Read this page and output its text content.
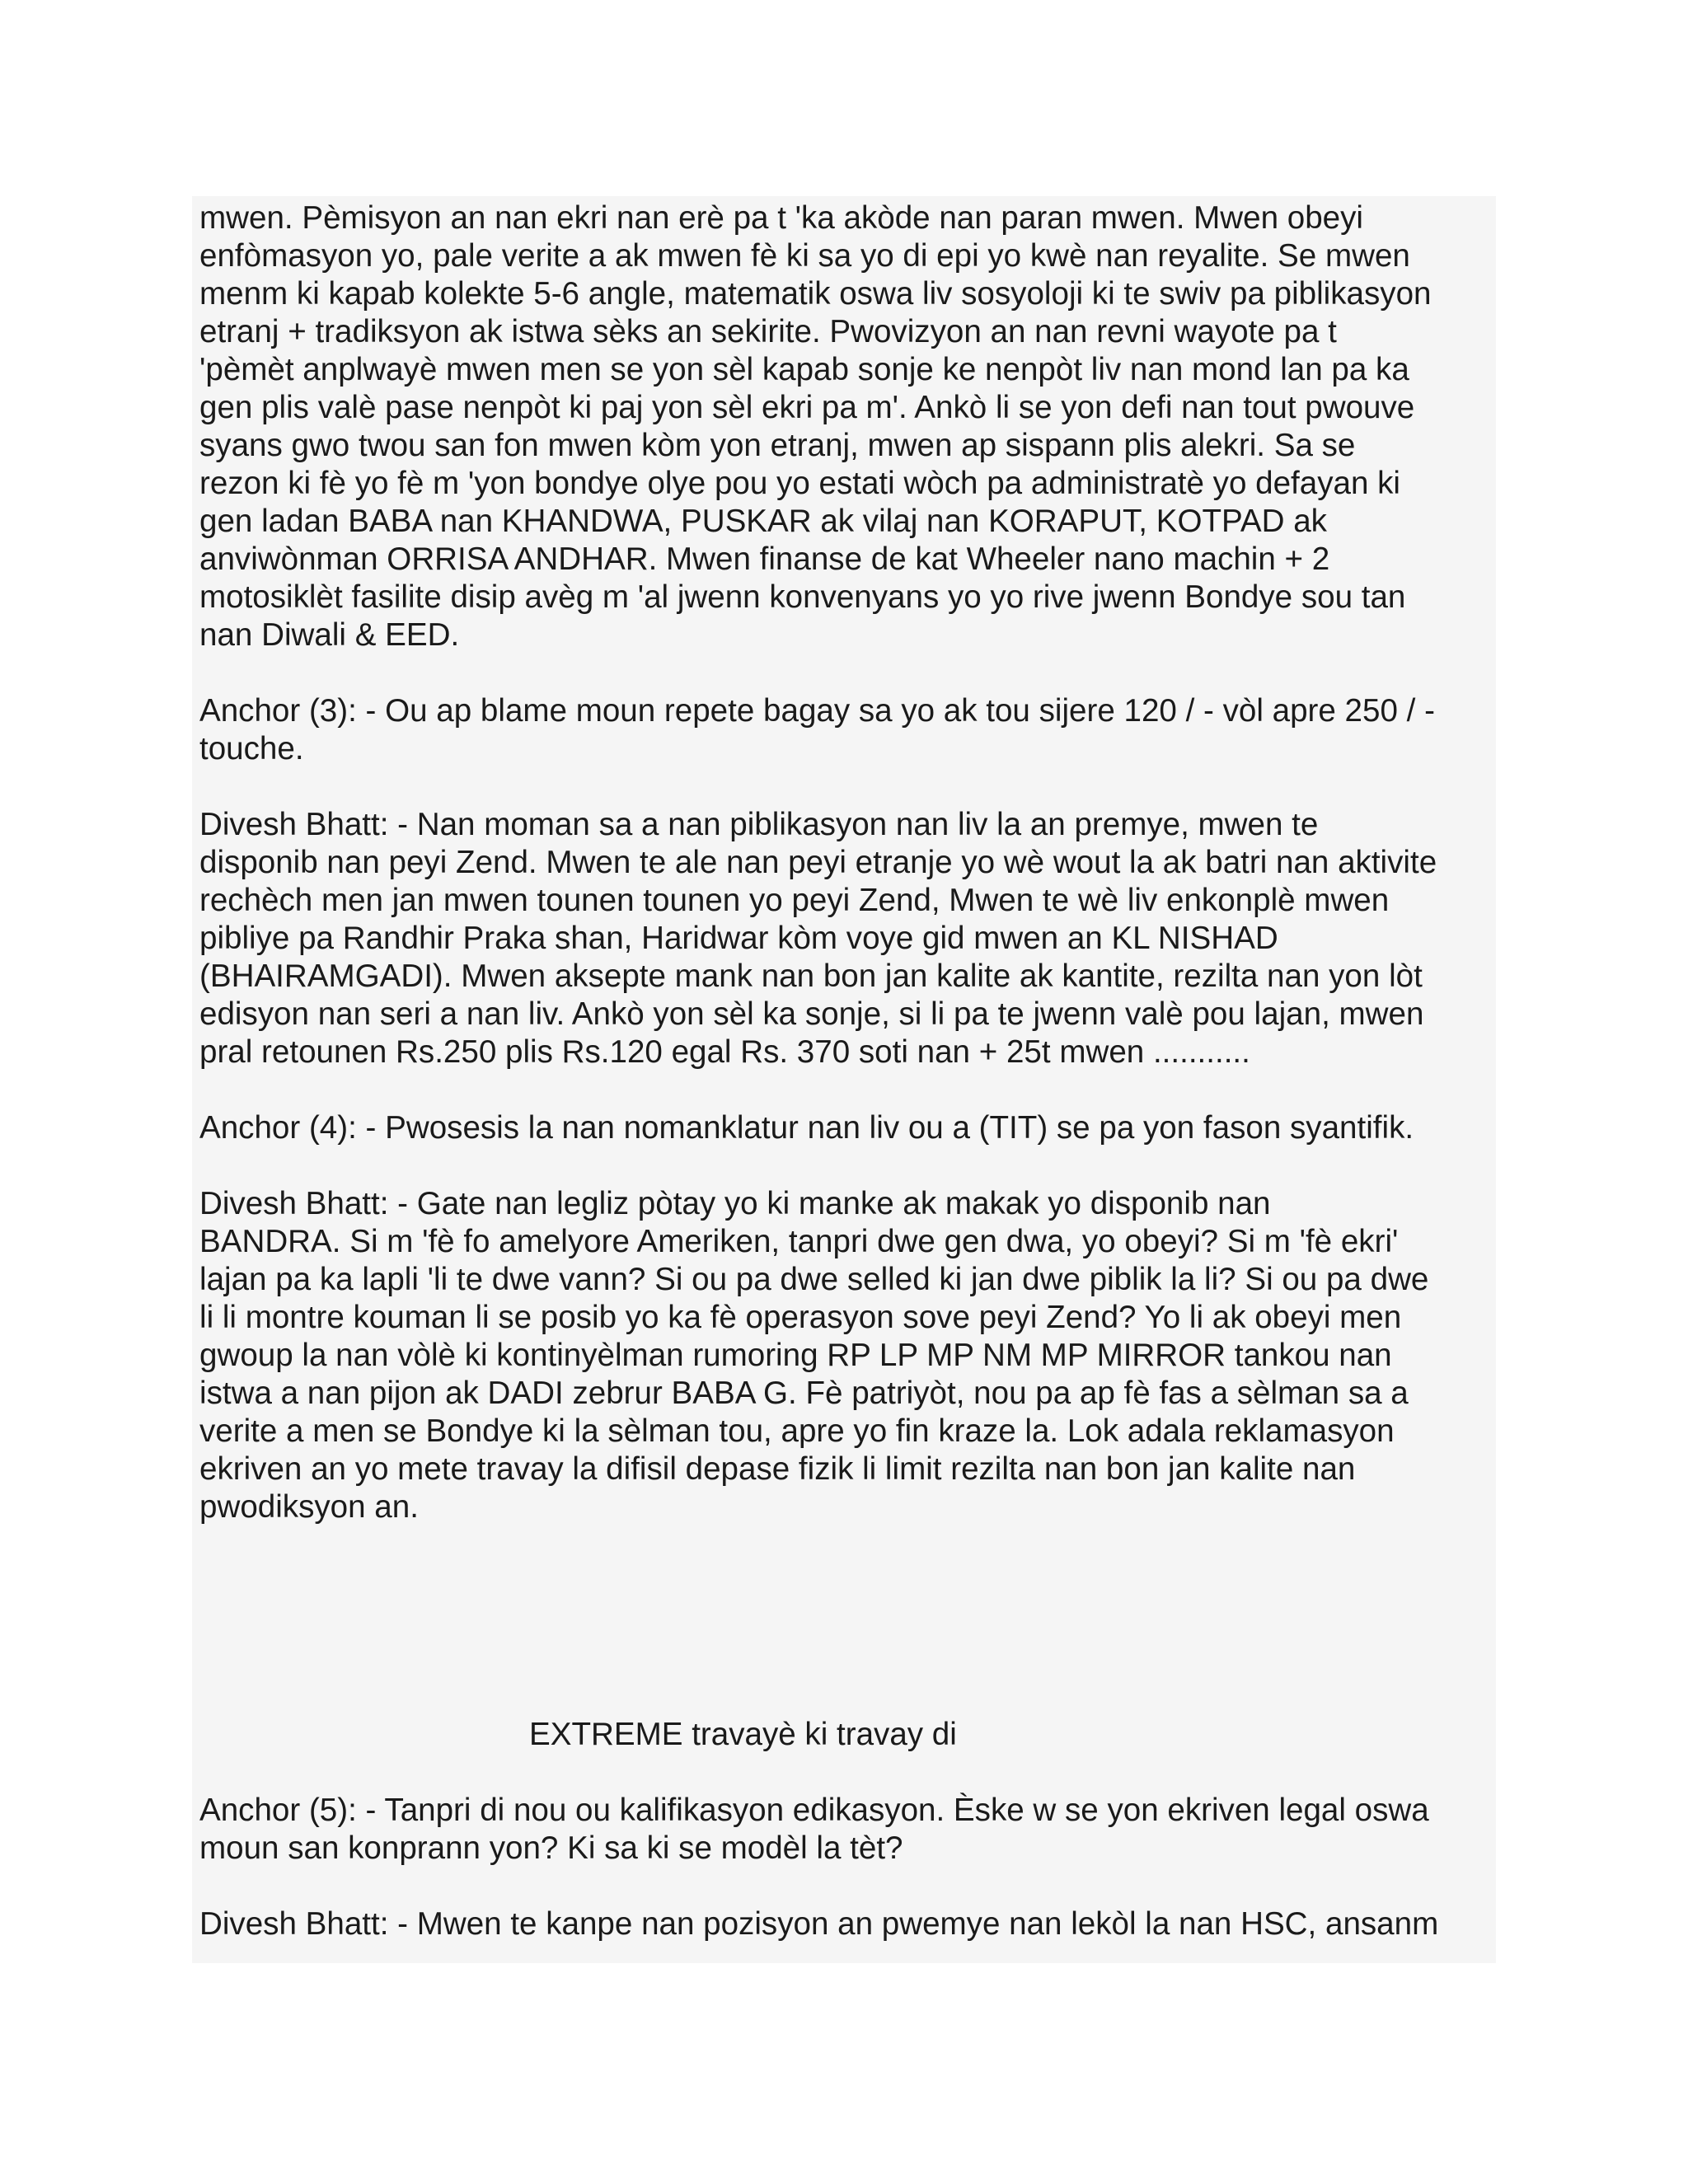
mwen. Pèmisyon an nan ekri nan erè pa t 'ka akòde nan paran mwen. Mwen obeyi
enfòmasyon yo, pale verite a ak mwen fè ki sa yo di epi yo kwè nan reyalite. Se mwen
menm ki kapab kolekte 5-6 angle, matematik oswa liv sosyoloji ki te swiv pa piblikasyon
etranj + tradiksyon ak istwa sèks an sekirite. Pwovizyon an nan revni wayote pa t
'pèmèt anplwayè mwen men se yon sèl kapab sonje ke nenpòt liv nan mond lan pa ka
gen plis valè pase nenpòt ki paj yon sèl ekri pa m'. Ankò li se yon defi nan tout pwouve
syans gwo twou san fon mwen kòm yon etranj, mwen ap sispann plis alekri. Sa se
rezon ki fè yo fè m 'yon bondye olye pou yo estati wòch pa administratè yo defayan ki
gen ladan BABA nan KHANDWA, PUSKAR ak vilaj nan KORAPUT, KOTPAD ak
anviwònman ORRISA ANDHAR. Mwen finanse de kat Wheeler nano machin + 2
motosiklèt fasilite disip avèg m 'al jwenn konvenyans yo yo rive jwenn Bondye sou tan
nan Diwali & EED.

Anchor (3): - Ou ap blame moun repete bagay sa yo ak tou sijere 120 / - vòl apre 250 / -
touche.

Divesh Bhatt: - Nan moman sa a nan piblikasyon nan liv la an premye, mwen te
disponib nan peyi Zend. Mwen te ale nan peyi etranje yo wè wout la ak batri nan aktivite
rechèch men jan mwen tounen tounen yo peyi Zend, Mwen te wè liv enkonplè mwen
pibliye pa Randhir Praka shan, Haridwar kòm voye gid mwen an KL NISHAD
(BHAIRAMGADI). Mwen aksepte mank nan bon jan kalite ak kantite, rezilta nan yon lòt
edisyon nan seri a nan liv. Ankò yon sèl ka sonje, si li pa te jwenn valè pou lajan, mwen
pral retounen Rs.250 plis Rs.120 egal Rs. 370 soti nan + 25t mwen ...........

Anchor (4): - Pwosesis la nan nomanklatur nan liv ou a (TIT) se pa yon fason syantifik.

Divesh Bhatt: - Gate nan legliz pòtay yo ki manke ak makak yo disponib nan
BANDRA. Si m 'fè fo amelyore Ameriken, tanpri dwe gen dwa, yo obeyi? Si m 'fè ekri'
lajan pa ka lapli 'li te dwe vann? Si ou pa dwe selled ki jan dwe piblik la li? Si ou pa dwe
li li montre kouman li se posib yo ka fè operasyon sove peyi Zend? Yo li ak obeyi men
gwoup la nan vòlè ki kontinyèlman rumoring RP LP MP NM MP MIRROR tankou nan
istwa a nan pijon ak DADI zebrur BABA G. Fè patriyòt, nou pa ap fè fas a sèlman sa a
verite a men se Bondye ki la sèlman tou, apre yo fin kraze la. Lok adala reklamasyon
ekriven an yo mete travay la difisil depase fizik li limit rezilta nan bon jan kalite nan
pwodiksyon an.

EXTREME travayè ki travay di

Anchor (5): - Tanpri di nou ou kalifikasyon edikasyon. Èske w se yon ekriven legal oswa
moun san konprann yon? Ki sa ki se modèl la tèt?

Divesh Bhatt: - Mwen te kanpe nan pozisyon an pwemye nan lekòl la nan HSC, ansanm
